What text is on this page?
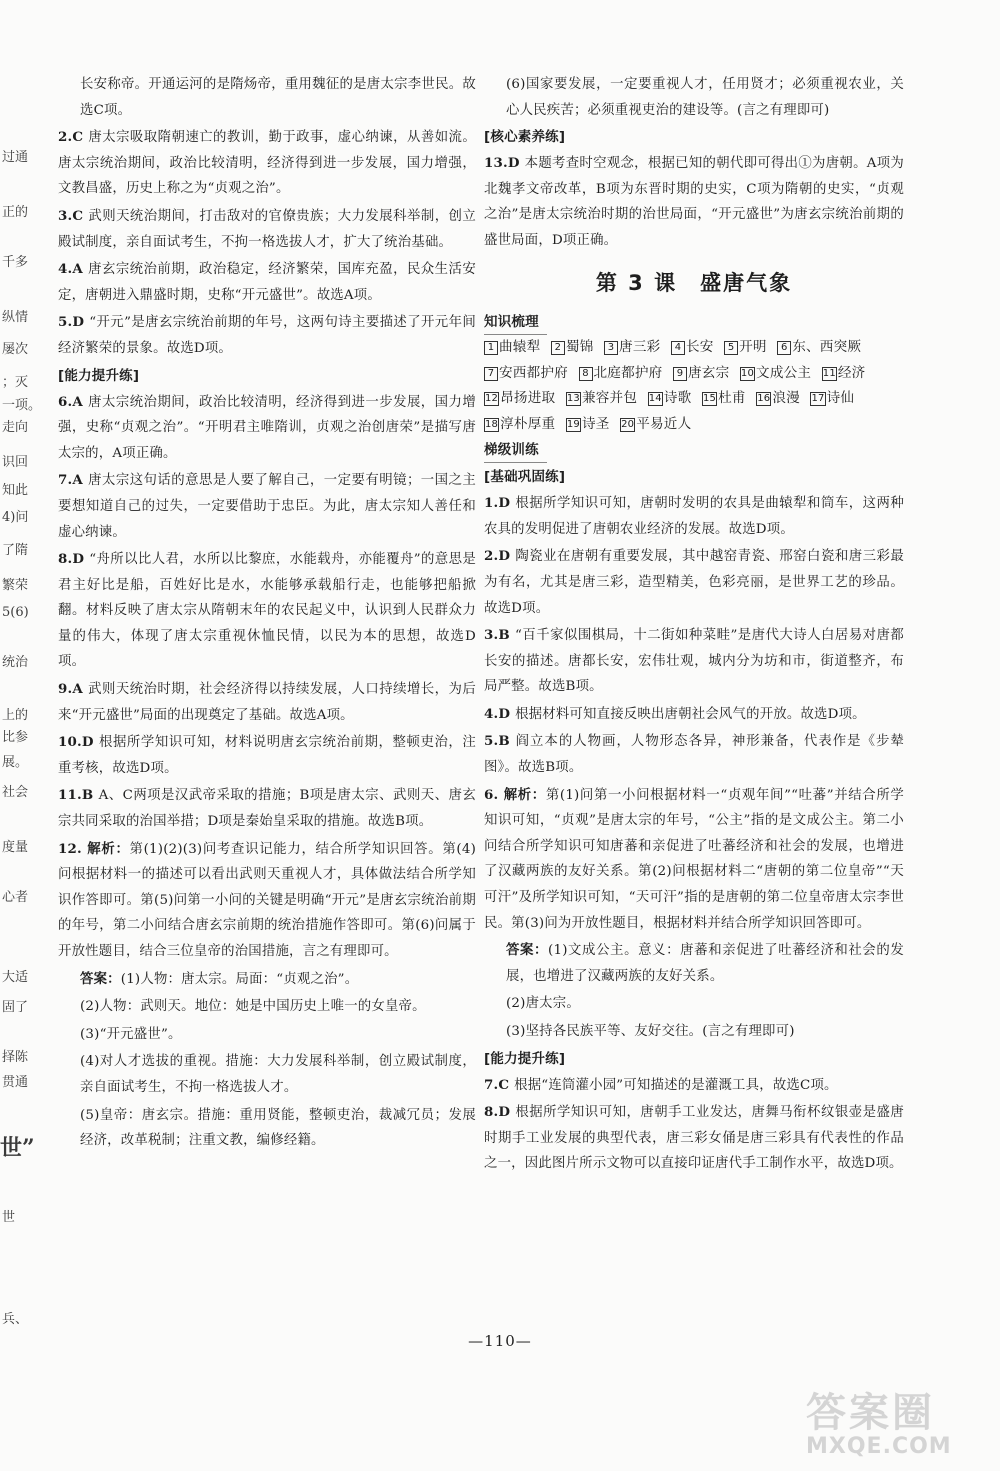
过通
正的
千多
纵情
屡次
；灭
一项。
走向
识回
知此
4)问
了隋
繁荣
5(6)
统治
上的
比参
展。
社会
度量
心者
大适
固了
择陈
贯通
世”
世
兵、
长安称帝。开通运河的是隋炀帝，重用魏征的是唐太宗李世民。故选C项。
2.C 唐太宗吸取隋朝速亡的教训，勤于政事，虚心纳谏，从善如流。唐太宗统治期间，政治比较清明，经济得到进一步发展，国力增强，文教昌盛，历史上称之为“贞观之治”。
3.C 武则天统治期间，打击敌对的官僚贵族；大力发展科举制，创立殿试制度，亲自面试考生，不拘一格选拔人才，扩大了统治基础。
4.A 唐玄宗统治前期，政治稳定，经济繁荣，国库充盈，民众生活安定，唐朝进入鼎盛时期，史称“开元盛世”。故选A项。
5.D “开元”是唐玄宗统治前期的年号，这两句诗主要描述了开元年间经济繁荣的景象。故选D项。
[能力提升练]
6.A 唐太宗统治期间，政治比较清明，经济得到进一步发展，国力增强，史称“贞观之治”。“开明君主唯隋训，贞观之治创唐荣”是描写唐太宗的，A项正确。
7.A 唐太宗这句话的意思是人要了解自己，一定要有明镜；一国之主要想知道自己的过失，一定要借助于忠臣。为此，唐太宗知人善任和虚心纳谏。
8.D “舟所以比人君，水所以比黎庶，水能载舟，亦能覆舟”的意思是君主好比是船，百姓好比是水，水能够承载船行走，也能够把船掀翻。材料反映了唐太宗从隋朝末年的农民起义中，认识到人民群众力量的伟大，体现了唐太宗重视休恤民情，以民为本的思想，故选D项。
9.A 武则天统治时期，社会经济得以持续发展，人口持续增长，为后来“开元盛世”局面的出现奠定了基础。故选A项。
10.D 根据所学知识可知，材料说明唐玄宗统治前期，整顿吏治，注重考核，故选D项。
11.B A、C两项是汉武帝采取的措施；B项是唐太宗、武则天、唐玄宗共同采取的治国举措；D项是秦始皇采取的措施。故选B项。
12. 解析：第(1)(2)(3)问考查识记能力，结合所学知识回答。第(4)问根据材料一的描述可以看出武则天重视人才，具体做法结合所学知识作答即可。第(5)问第一小问的关键是明确“开元”是唐玄宗统治前期的年号，第二小问结合唐玄宗前期的统治措施作答即可。第(6)问属于开放性题目，结合三位皇帝的治国措施，言之有理即可。
答案：(1)人物：唐太宗。局面：“贞观之治”。
(2)人物：武则天。地位：她是中国历史上唯一的女皇帝。
(3)“开元盛世”。
(4)对人才选拔的重视。措施：大力发展科举制，创立殿试制度，亲自面试考生，不拘一格选拔人才。
(5)皇帝：唐玄宗。措施：重用贤能，整顿吏治，裁减冗员；发展经济，改革税制；注重文教，编修经籍。
(6)国家要发展，一定要重视人才，任用贤才；必须重视农业，关心人民疾苦；必须重视吏治的建设等。(言之有理即可)
[核心素养练]
13.D 本题考查时空观念，根据已知的朝代即可得出①为唐朝。A项为北魏孝文帝改革，B项为东晋时期的史实，C项为隋朝的史实，“贞观之治”是唐太宗统治时期的治世局面，“开元盛世”为唐玄宗统治前期的盛世局面，D项正确。
第 3 课　盛唐气象
知识梳理
1 曲辕犁 2 蜀锦 3 唐三彩 4 长安 5 开明 6 东、西突厥 7 安西都护府 8 北庭都护府 9 唐玄宗 10 文成公主 11 经济 12 昂扬进取 13 兼容并包 14 诗歌 15 杜甫 16 浪漫 17 诗仙 18 淳朴厚重 19 诗圣 20 平易近人
梯级训练
[基础巩固练]
1.D 根据所学知识可知，唐朝时发明的农具是曲辕犁和筒车，这两种农具的发明促进了唐朝农业经济的发展。故选D项。
2.D 陶瓷业在唐朝有重要发展，其中越窑青瓷、邢窑白瓷和唐三彩最为有名，尤其是唐三彩，造型精美，色彩亮丽，是世界工艺的珍品。故选D项。
3.B “百千家似围棋局，十二街如种菜畦”是唐代大诗人白居易对唐都长安的描述。唐都长安，宏伟壮观，城内分为坊和市，街道整齐，布局严整。故选B项。
4.D 根据材料可知直接反映出唐朝社会风气的开放。故选D项。
5.B 阎立本的人物画，人物形态各异，神形兼备，代表作是《步辇图》。故选B项。
6. 解析：第(1)问第一小问根据材料一“贞观年间”“吐蕃”并结合所学知识可知，“贞观”是唐太宗的年号，“公主”指的是文成公主。第二小问结合所学知识可知唐蕃和亲促进了吐蕃经济和社会的发展，也增进了汉藏两族的友好关系。第(2)问根据材料二“唐朝的第二位皇帝”“天可汗”及所学知识可知，“天可汗”指的是唐朝的第二位皇帝唐太宗李世民。第(3)问为开放性题目，根据材料并结合所学知识回答即可。
答案：(1)文成公主。意义：唐蕃和亲促进了吐蕃经济和社会的发展，也增进了汉藏两族的友好关系。
(2)唐太宗。
(3)坚持各民族平等、友好交往。(言之有理即可)
[能力提升练]
7.C 根据“连筒灌小园”可知描述的是灌溉工具，故选C项。
8.D 根据所学知识可知，唐朝手工业发达，唐舞马衔杯纹银壶是盛唐时期手工业发展的典型代表，唐三彩女俑是唐三彩具有代表性的作品之一，因此图片所示文物可以直接印证唐代手工制作水平，故选D项。
—110—
答案圈
MXQE.COM
